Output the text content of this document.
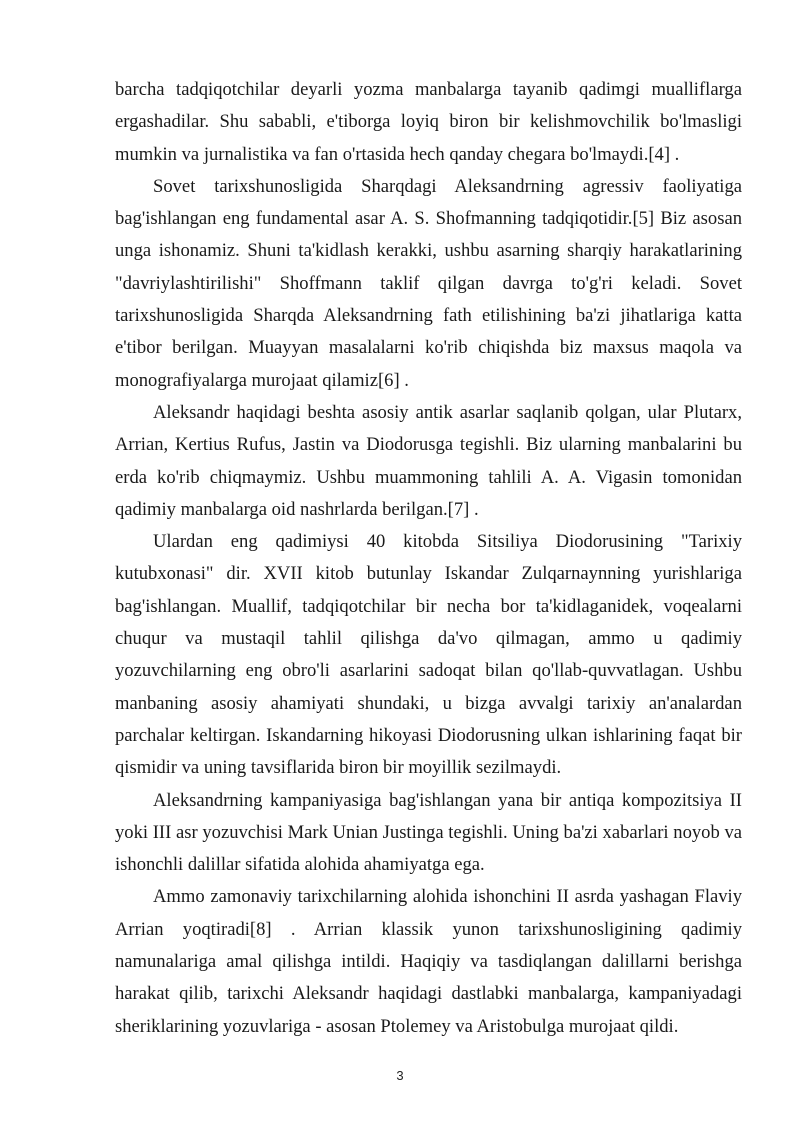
barcha tadqiqotchilar deyarli yozma manbalarga tayanib qadimgi mualliflarga ergashadilar. Shu sababli, e'tiborga loyiq biron bir kelishmovchilik bo'lmasligi mumkin va jurnalistika va fan o'rtasida hech qanday chegara bo'lmaydi.[4] .

Sovet tarixshunosligida Sharqdagi Aleksandrning agressiv faoliyatiga bag'ishlangan eng fundamental asar A. S. Shofmanning tadqiqotidir.[5] Biz asosan unga ishonamiz. Shuni ta'kidlash kerakki, ushbu asarning sharqiy harakatlarining "davriylashtirilishi" Shoffmann taklif qilgan davrga to'g'ri keladi. Sovet tarixshunosligida Sharqda Aleksandrning fath etilishining ba'zi jihatlariga katta e'tibor berilgan. Muayyan masalalarni ko'rib chiqishda biz maxsus maqola va monografiyalarga murojaat qilamiz[6] .

Aleksandr haqidagi beshta asosiy antik asarlar saqlanib qolgan, ular Plutarx, Arrian, Kertius Rufus, Jastin va Diodorusga tegishli. Biz ularning manbalarini bu erda ko'rib chiqmaymiz. Ushbu muammoning tahlili A. A. Vigasin tomonidan qadimiy manbalarga oid nashrlarda berilgan.[7] .

Ulardan eng qadimiysi 40 kitobda Sitsiliya Diodorusining "Tarixiy kutubxonasi" dir. XVII kitob butunlay Iskandar Zulqarnaynning yurishlariga bag'ishlangan. Muallif, tadqiqotchilar bir necha bor ta'kidlaganidek, voqealarni chuqur va mustaqil tahlil qilishga da'vo qilmagan, ammo u qadimiy yozuvchilarning eng obro'li asarlarini sadoqat bilan qo'llab-quvvatlagan. Ushbu manbaning asosiy ahamiyati shundaki, u bizga avvalgi tarixiy an'analardan parchalar keltirgan. Iskandarning hikoyasi Diodorusning ulkan ishlarining faqat bir qismidir va uning tavsiflarida biron bir moyillik sezilmaydi.

Aleksandrning kampaniyasiga bag'ishlangan yana bir antiqa kompozitsiya II yoki III asr yozuvchisi Mark Unian Justinga tegishli. Uning ba'zi xabarlari noyob va ishonchli dalillar sifatida alohida ahamiyatga ega.

Ammo zamonaviy tarixchilarning alohida ishonchini II asrda yashagan Flaviy Arrian yoqtiradi[8] . Arrian klassik yunon tarixshunosligining qadimiy namunalariga amal qilishga intildi. Haqiqiy va tasdiqlangan dalillarni berishga harakat qilib, tarixchi Aleksandr haqidagi dastlabki manbalarga, kampaniyadagi sheriklarining yozuvlariga - asosan Ptolemey va Aristobulga murojaat qildi.

3
